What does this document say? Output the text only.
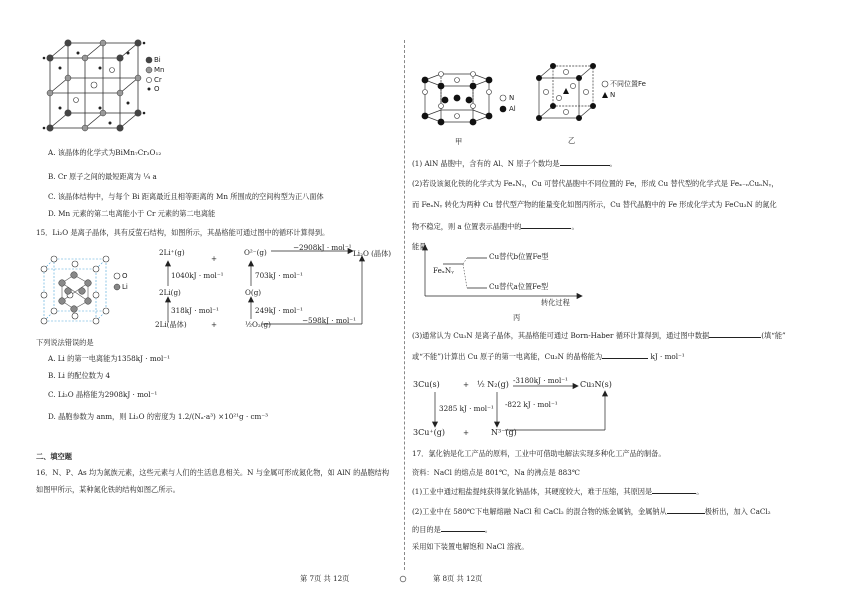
Bi
Mn
Cr
O
A. 该晶体的化学式为BiMn₇Cr₃O₁₂
B. Cr 原子之间的最短距离为 ¼ a
C. 该晶体结构中，与每个 Bi 距离最近且相等距离的 Mn 所围成的空间构型为正八面体
D. Mn 元素的第二电离能小于 Cr 元素的第二电离能
15．Li₂O 是离子晶体，具有反萤石结构，如图所示，其晶格能可通过图中的循环计算得到。
O
Li
2Li⁺(g)
+
O²⁻(g)
−2908kJ · mol⁻¹
Li₂O (晶体)
1040kJ · mol⁻¹	703kJ · mol⁻¹
2Li(g)	O(g)
318kJ · mol⁻¹	249kJ · mol⁻¹
2Li(晶体)	+	½O₂(g)	−598kJ · mol⁻¹
下列说法错误的是
A. Li 的第一电离能为1358kJ · mol⁻¹
B. Li 的配位数为 4
C. Li₂O 晶格能为2908kJ · mol⁻¹
D. 晶胞参数为 anm，则 Li₂O 的密度为 1.2/(Nₐ·a³) ×10²¹g · cm⁻³
二、填空题
16．N、P、As 均为氮族元素，这些元素与人们的生活息息相关。N 与金属可形成氮化物，如 AlN 的晶胞结构
如图甲所示，某种氮化铁的结构如图乙所示。
N
Al
甲
不同位置Fe
N
乙
(1) AlN 晶胞中，含有的 Al、N 原子个数均是	。
(2)若设该氮化铁的化学式为 FeₓNᵧ，Cu 可替代晶胞中不同位置的 Fe，形成 Cu 替代型的化学式是 Feₓ₋ₙCuₙNᵧ，
而 FeₓNᵧ 转化为两种 Cu 替代型产物的能量变化如图丙所示，Cu 替代晶胞中的 Fe 形成化学式为 FeCu₃N 的氮化
物不稳定，则 a 位置表示晶胞中的	。
能量
FeₓNᵧ
Cu替代b位置Fe型
Cu替代a位置Fe型
转化过程
丙
(3)通常认为 Cu₃N 是离子晶体，其晶格能可通过 Born-Haber 循环计算得到，通过图中数据	(填“能”
或“不能”)计算出 Cu 原子的第一电离能，Cu₃N 的晶格能为	kJ · mol⁻¹
3Cu(s)	+ ½ N₂(g) -3180kJ · mol⁻¹ Cu₃N(s)
3285 kJ · mol⁻¹ -822 kJ · mol⁻¹
3Cu⁺(g)	+	N³⁻(g)
17．氯化钠是化工产品的原料，工业中可借助电解法实现多种化工产品的制备。
资料：NaCl 的熔点是 801℃，Na 的沸点是 883℃
(1)工业中通过粗盐提纯获得氯化钠晶体，其硬度较大，难于压缩，其原因是	。
(2)工业中在 580℃下电解熔融 NaCl 和 CaCl₂ 的混合物的炼金属钠，金属钠从	极析出，加入 CaCl₂
的目的是	。
采用如下装置电解饱和 NaCl 溶液。
第 7页 共 12页	第 8页 共 12页
